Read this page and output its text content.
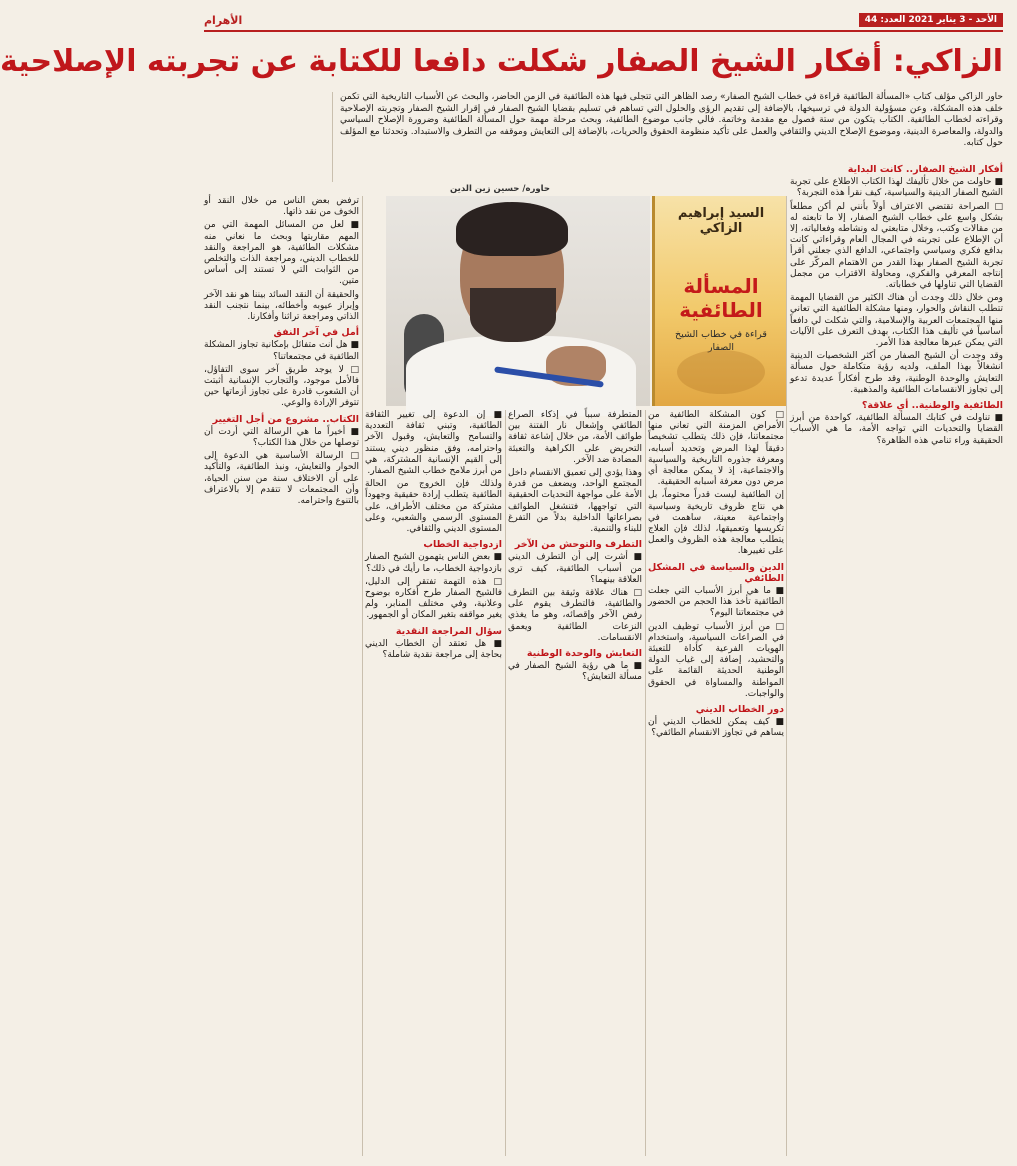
الأحد - 3 يناير 2021 العدد: 44
الأهرام
الزاكي: أفكار الشيخ الصفار شكلت دافعا للكتابة عن تجربته الإصلاحية
حاور الزاكي مؤلف كتاب «المسألة الطائفية قراءة في خطاب الشيخ الصفار» رصد الظاهر التي تتجلى فيها هذه الطائفية في الزمن الحاضر، والبحث عن الأسباب التاريخية التي تكمن خلف هذه المشكلة، وعن مسؤولية الدولة في ترسيخها، بالإضافة إلى تقديم الرؤى والحلول التي تساهم في تسليم بقضايا الشيخ الصفار في إقرار الشيخ الصفار وتجربته الإصلاحية وقراءته لخطاب الطائفية. الكتاب يتكون من ستة فصول مع مقدمة وخاتمة. فالي جانب موضوع الطائفية، وبحث مرحلة مهمة حول المسألة الطائفية وضرورة الإصلاح السياسي والدولة، والمعاصرة الدينية، وموضوع الإصلاح الديني والثقافي والعمل على تأكيد منظومة الحقوق والحريات، بالإضافة إلى التعايش وموقفه من التطرف والاستبداد. وتحدثنا مع المؤلف حول كتابه.
حاوره/ حسين زين الدين
السيد إبراهيم الزاكي
المسألة الطائفية
قراءة في خطاب الشيخ الصفار
أفكار الشيخ الصفار.. كانت البداية

■ حاولت من خلال تأليفك لهذا الكتاب الاطلاع على تجربة الشيخ الصفار الدينية والسياسية، كيف نقرأ هذه التجربة؟

□ الصراحة تقتضي الاعتراف أولاً بأنني لم أكن مطلعاً بشكل واسع على خطاب الشيخ الصفار، إلا ما تابعته له من مقالات وكتب، وخلال متابعتي له ونشاطه وفعالياته، إلا أن الإطلاع على تجربته في المجال العام وقراءاتي كانت بدافع فكري وسياسي واجتماعي، الدافع الذي جعلني أقرأ تجربة الشيخ الصفار بهذا القدر من الاهتمام المركّز على إنتاجه المعرفي والفكري، ومحاولة الاقتراب من مجمل القضايا التي تناولها في خطاباته.

ومن خلال ذلك وجدت أن هناك الكثير من القضايا المهمة تتطلب النقاش والحوار، ومنها مشكلة الطائفية التي تعاني منها المجتمعات العربية والإسلامية، والتي شكلت لي دافعاً أساسياً في تأليف هذا الكتاب، بهدف التعرف على الآليات التي يمكن عبرها معالجة هذا الأمر.

وقد وجدت أن الشيخ الصفار من أكثر الشخصيات الدينية انشغالاً بهذا الملف، ولديه رؤية متكاملة حول مسألة التعايش والوحدة الوطنية، وقد طرح أفكاراً عديدة تدعو إلى تجاوز الانقسامات الطائفية والمذهبية.

الطائفية والوطنية.. أي علاقة؟

■ تناولت في كتابك المسألة الطائفية، كواحدة من أبرز القضايا والتحديات التي تواجه الأمة، ما هي الأسباب الحقيقية وراء تنامي هذه الظاهرة؟

□ كون المشكلة الطائفية من الأمراض المزمنة التي تعاني منها مجتمعاتنا، فإن ذلك يتطلب تشخيصاً دقيقاً لهذا المرض وتحديد أسبابه، ومعرفة جذوره التاريخية والسياسية والاجتماعية، إذ لا يمكن معالجة أي مرض دون معرفة أسبابه الحقيقية.

إن الطائفية ليست قدراً محتوماً، بل هي نتاج ظروف تاريخية وسياسية واجتماعية معينة، ساهمت في تكريسها وتعميقها، لذلك فإن العلاج يتطلب معالجة هذه الظروف والعمل على تغييرها.

الدين والسياسة في المشكل الطائفي

■ ما هي أبرز الأسباب التي جعلت الطائفية تأخذ هذا الحجم من الحضور في مجتمعاتنا اليوم؟

□ من أبرز الأسباب توظيف الدين في الصراعات السياسية، واستخدام الهويات الفرعية كأداة للتعبئة والتحشيد، إضافة إلى غياب الدولة الوطنية الحديثة القائمة على المواطنة والمساواة في الحقوق والواجبات.

دور الخطاب الديني

■ كيف يمكن للخطاب الديني أن يساهم في تجاوز الانقسام الطائفي؟

المتطرفة سبباً في إذكاء الصراع الطائفي وإشعال نار الفتنة بين طوائف الأمة، من خلال إشاعة ثقافة التحريض على الكراهية والتعبئة المضادة ضد الآخر.

وهذا يؤدي إلى تعميق الانقسام داخل المجتمع الواحد، ويضعف من قدرة الأمة على مواجهة التحديات الحقيقية التي تواجهها، فتنشغل الطوائف بصراعاتها الداخلية بدلاً من التفرغ للبناء والتنمية.

التطرف والتوحش من الآخر

■ أشرت إلى أن التطرف الديني من أسباب الطائفية، كيف ترى العلاقة بينهما؟

□ هناك علاقة وثيقة بين التطرف والطائفية، فالتطرف يقوم على رفض الآخر وإقصائه، وهو ما يغذي النزعات الطائفية ويعمق الانقسامات.

التعايش والوحدة الوطنية

■ ما هي رؤية الشيخ الصفار في مسألة التعايش؟

■ إن الدعوة إلى تغيير الثقافة الطائفية، وتبني ثقافة التعددية والتسامح والتعايش، وقبول الآخر واحترامه، وفق منظور ديني يستند إلى القيم الإنسانية المشتركة، هي من أبرز ملامح خطاب الشيخ الصفار.

ولذلك فإن الخروج من الحالة الطائفية يتطلب إرادة حقيقية وجهوداً مشتركة من مختلف الأطراف، على المستوى الرسمي والشعبي، وعلى المستوى الديني والثقافي.

ازدواجية الخطاب

■ بعض الناس يتهمون الشيخ الصفار بازدواجية الخطاب، ما رأيك في ذلك؟

□ هذه التهمة تفتقر إلى الدليل، فالشيخ الصفار طرح أفكاره بوضوح وعلانية، وفي مختلف المنابر، ولم يغير مواقفه بتغير المكان أو الجمهور.

سؤال المراجعة النقدية

■ هل تعتقد أن الخطاب الديني بحاجة إلى مراجعة نقدية شاملة؟

ترفض بعض الناس من خلال النقد أو الخوف من نقد ذاتها.

■ لعل من المسائل المهمة التي من المهم مقاربتها وبحث ما نعاني منه مشكلات الطائفية، هو المراجعة والنقد للخطاب الديني، ومراجعة الذات والتخلص من الثوابت التي لا تستند إلى أساس متين.

والحقيقة أن النقد السائد بيننا هو نقد الآخر وإبراز عيوبه وأخطائه، بينما نتجنب النقد الذاتي ومراجعة تراثنا وأفكارنا.

أمل في آخر النفق

■ هل أنت متفائل بإمكانية تجاوز المشكلة الطائفية في مجتمعاتنا؟

□ لا يوجد طريق آخر سوى التفاؤل، فالأمل موجود، والتجارب الإنسانية أثبتت أن الشعوب قادرة على تجاوز أزماتها حين تتوفر الإرادة والوعي.

الكتاب.. مشروع من أجل التغيير

■ أخيراً ما هي الرسالة التي أردت أن توصلها من خلال هذا الكتاب؟

□ الرسالة الأساسية هي الدعوة إلى الحوار والتعايش، ونبذ الطائفية، والتأكيد على أن الاختلاف سنة من سنن الحياة، وأن المجتمعات لا تتقدم إلا بالاعتراف بالتنوع واحترامه.
